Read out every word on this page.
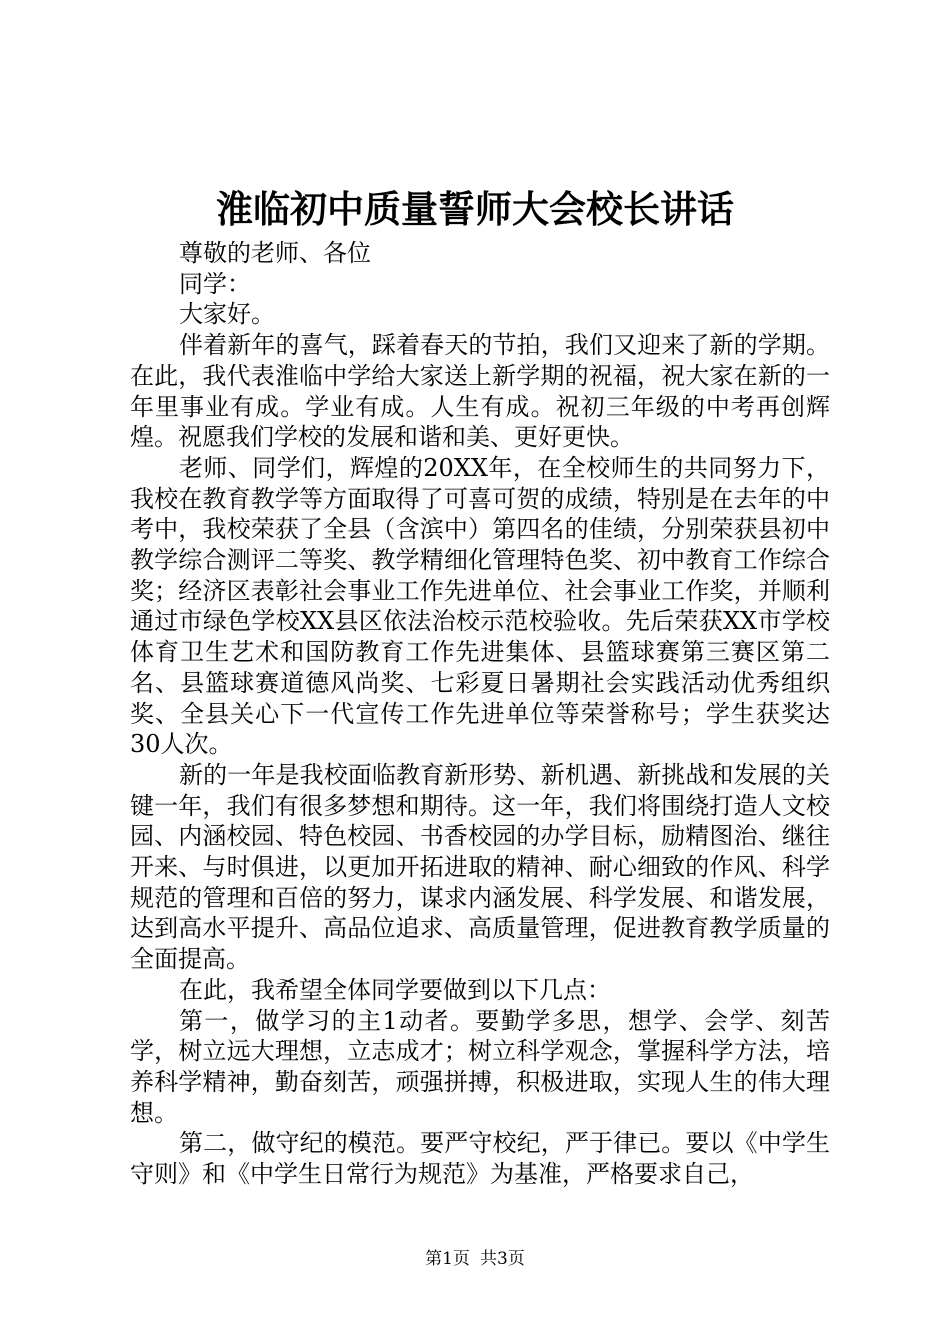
淮临初中质量誓师大会校长讲话

尊敬的老师、各位

同学：

大家好。

伴着新年的喜气，踩着春天的节拍，我们又迎来了新的学期。在此，我代表淮临中学给大家送上新学期的祝福，祝大家在新的一年里事业有成。学业有成。人生有成。祝初三年级的中考再创辉煌。祝愿我们学校的发展和谐和美、更好更快。

老师、同学们，辉煌的20XX年，在全校师生的共同努力下，我校在教育教学等方面取得了可喜可贺的成绩，特别是在去年的中考中，我校荣获了全县（含滨中）第四名的佳绩，分别荣获县初中教学综合测评二等奖、教学精细化管理特色奖、初中教育工作综合奖；经济区表彰社会事业工作先进单位、社会事业工作奖，并顺利通过市绿色学校XX县区依法治校示范校验收。先后荣获XX市学校体育卫生艺术和国防教育工作先进集体、县篮球赛第三赛区第二名、县篮球赛道德风尚奖、七彩夏日暑期社会实践活动优秀组织奖、全县关心下一代宣传工作先进单位等荣誉称号；学生获奖达30人次。

新的一年是我校面临教育新形势、新机遇、新挑战和发展的关键一年，我们有很多梦想和期待。这一年，我们将围绕打造人文校园、内涵校园、特色校园、书香校园的办学目标，励精图治、继往开来、与时俱进，以更加开拓进取的精神、耐心细致的作风、科学规范的管理和百倍的努力，谋求内涵发展、科学发展、和谐发展，达到高水平提升、高品位追求、高质量管理，促进教育教学质量的全面提高。

在此，我希望全体同学要做到以下几点：

第一，做学习的主1动者。要勤学多思，想学、会学、刻苦学，树立远大理想，立志成才；树立科学观念，掌握科学方法，培养科学精神，勤奋刻苦，顽强拼搏，积极进取，实现人生的伟大理想。

第二，做守纪的模范。要严守校纪，严于律已。要以《中学生守则》和《中学生日常行为规范》为基准，严格要求自己，

第1页 共3页
